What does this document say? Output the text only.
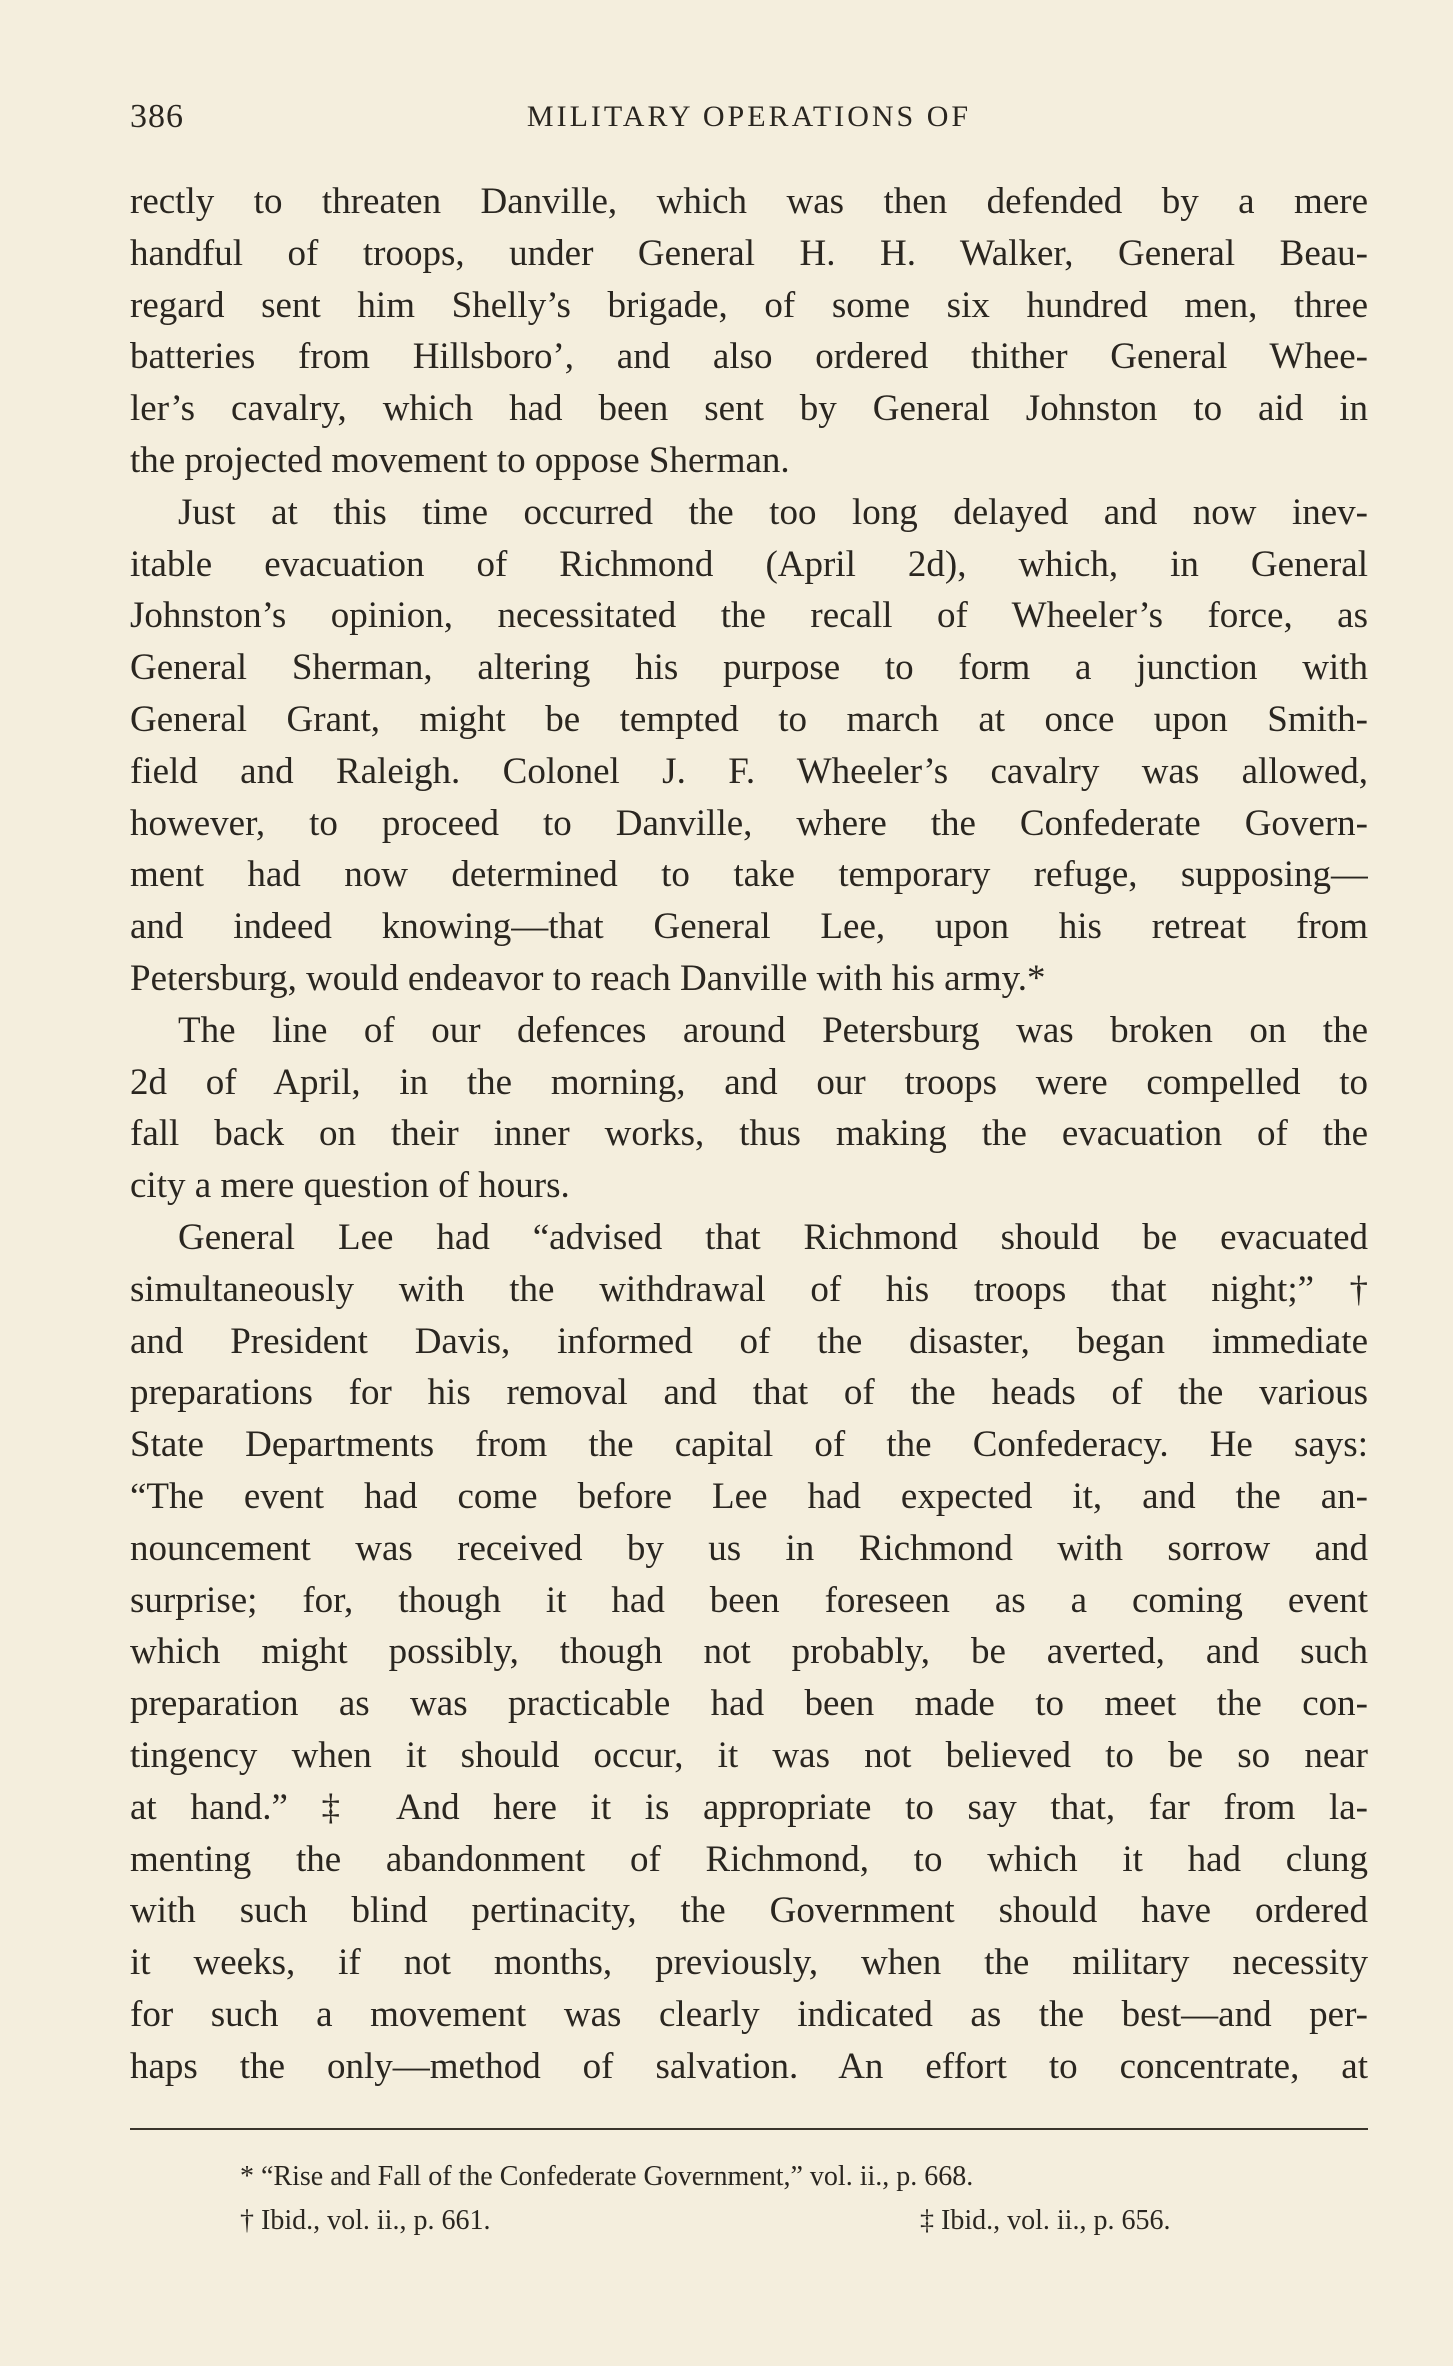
386	MILITARY OPERATIONS OF
rectly to threaten Danville, which was then defended by a mere
handful of troops, under General H. H. Walker, General Beau-
regard sent him Shelly’s brigade, of some six hundred men, three
batteries from Hillsboro’, and also ordered thither General Whee-
ler’s cavalry, which had been sent by General Johnston to aid in
the projected movement to oppose Sherman.
Just at this time occurred the too long delayed and now inev-
itable evacuation of Richmond (April 2d), which, in General
Johnston’s opinion, necessitated the recall of Wheeler’s force, as
General Sherman, altering his purpose to form a junction with
General Grant, might be tempted to march at once upon Smith-
field and Raleigh. Colonel J. F. Wheeler’s cavalry was allowed,
however, to proceed to Danville, where the Confederate Govern-
ment had now determined to take temporary refuge, supposing—
and indeed knowing—that General Lee, upon his retreat from
Petersburg, would endeavor to reach Danville with his army.*
The line of our defences around Petersburg was broken on the
2d of April, in the morning, and our troops were compelled to
fall back on their inner works, thus making the evacuation of the
city a mere question of hours.
General Lee had “advised that Richmond should be evacuated
simultaneously with the withdrawal of his troops that night;”†
and President Davis, informed of the disaster, began immediate
preparations for his removal and that of the heads of the various
State Departments from the capital of the Confederacy. He says:
“The event had come before Lee had expected it, and the an-
nouncement was received by us in Richmond with sorrow and
surprise; for, though it had been foreseen as a coming event
which might possibly, though not probably, be averted, and such
preparation as was practicable had been made to meet the con-
tingency when it should occur, it was not believed to be so near
at hand.” ‡ And here it is appropriate to say that, far from la-
menting the abandonment of Richmond, to which it had clung
with such blind pertinacity, the Government should have ordered
it weeks, if not months, previously, when the military necessity
for such a movement was clearly indicated as the best—and per-
haps the only—method of salvation. An effort to concentrate, at
* “Rise and Fall of the Confederate Government,” vol. ii., p. 668.
† Ibid., vol. ii., p. 661.	‡ Ibid., vol. ii., p. 656.
